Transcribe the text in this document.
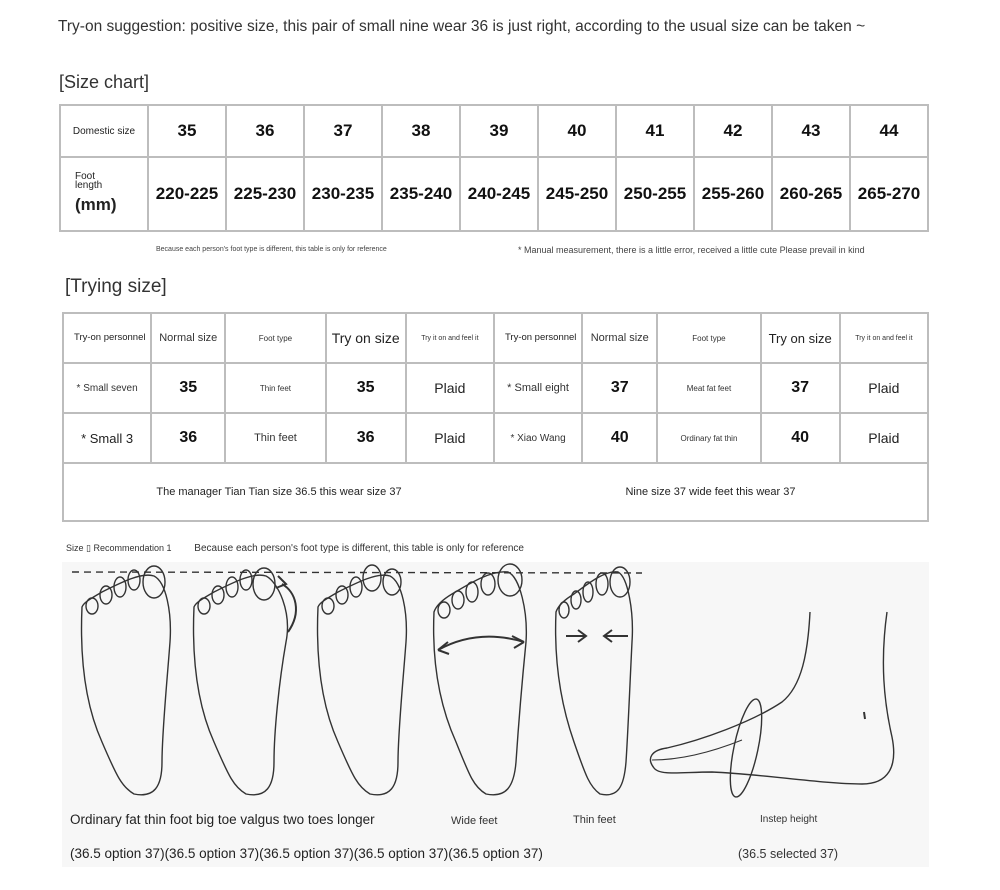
Try-on suggestion: positive size, this pair of small nine wear 36 is just right, according to the usual size can be taken ~
[Size chart]
Domestic size	35	36	37	38	39	40	41	42	43	44

Foot length
(mm)	220-225	225-230	230-235	235-240	240-245	245-250	250-255	255-260	260-265	265-270
Because each person's foot type is different, this table is only for reference	* Manual measurement, there is a little error, received a little cute Please prevail in kind
[Trying size]
Try-on personnel	Normal size	Foot type	Try on size	Try it on and feel it	Try-on personnel	Normal size	Foot type	Try on size	Try it on and feel it
* Small seven	35	Thin feet	35	Plaid	* Small eight	37	Meat fat feet	37	Plaid
* Small 3	36	Thin feet	36	Plaid	* Xiao Wang	40	Ordinary fat thin	40	Plaid
The manager Tian Tian size 36.5 this wear size 37					Nine size 37 wide feet this wear 37				
Size ▯ Recommendation 1 Because each person's foot type is different, this table is only for reference
Ordinary fat thin foot big toe valgus two toes longer	Wide feet	Thin feet	Instep height
(36.5 option 37)(36.5 option 37)(36.5 option 37)(36.5 option 37)(36.5 option 37)	(36.5 selected 37)
